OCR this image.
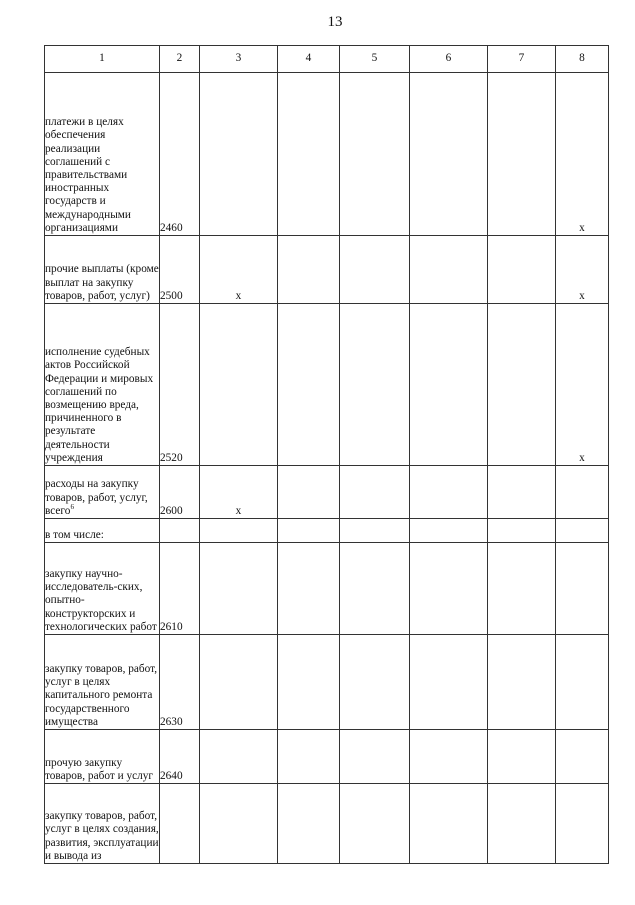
13
1	2	3	4	5	6	7	8
платежи в целях обеспечения реализации соглашений с правительствами иностранных государств и международными организациями	2460						x
прочие выплаты (кроме выплат на закупку товаров, работ, услуг)	2500	x					x
исполнение судебных актов Российской Федерации и мировых соглашений по возмещению вреда, причиненного в результате деятельности учреждения	2520						x
расходы на закупку товаров, работ, услуг, всего$^6$	2600	x					
в том числе:							
закупку научно-исследователь-ских, опытно-конструкторских и технологических работ	2610						
закупку товаров, работ, услуг в целях капитального ремонта государственного имущества	2630						
прочую закупку товаров, работ и услуг	2640						
закупку товаров, работ, услуг в целях создания, развития, эксплуатации и вывода из							
